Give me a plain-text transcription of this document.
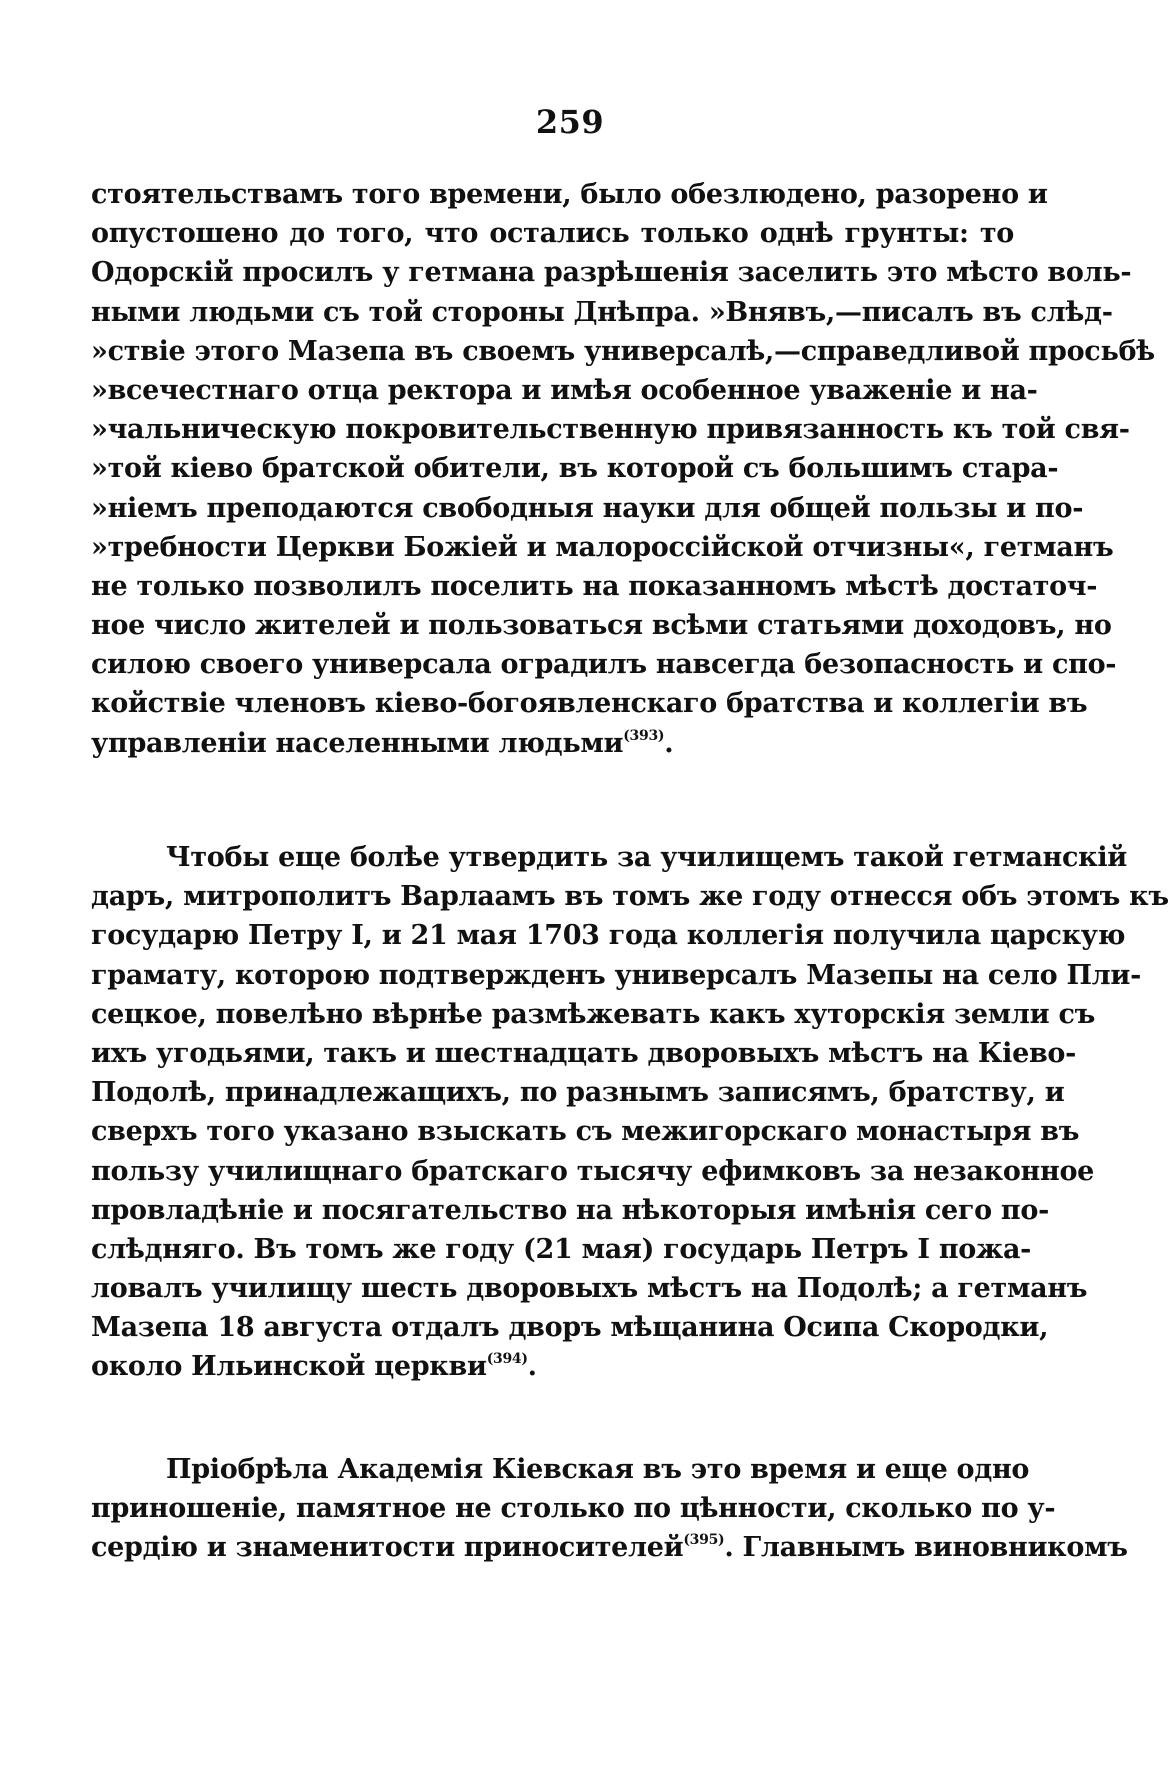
259
стоятельствамъ того времени, было обезлюдено, разорено и
опустошено до того, что остались только однѣ грунты: то
Одорскій просилъ у гетмана разрѣшенія заселить это мѣсто воль-
ными людьми съ той стороны Днѣпра. »Внявъ,—писалъ въ слѣд-
»ствіе этого Мазепа въ своемъ универсалѣ,—справедливой просьбѣ
»всечестнаго отца ректора и имѣя особенное уваженіе и на-
»чальническую покровительственную привязанность къ той свя-
»той кіево братской обители, въ которой съ большимъ стара-
»ніемъ преподаются свободныя науки для общей пользы и по-
»требности Церкви Божіей и малороссійской отчизны«, гетманъ
не только позволилъ поселить на показанномъ мѣстѣ достаточ-
ное число жителей и пользоваться всѣми статьями доходовъ, но
силою своего универсала оградилъ навсегда безопасность и спо-
койствіе членовъ кіево-богоявленскаго братства и коллегіи въ
управленіи населенными людьми$^{(393)}$.
Чтобы еще болѣе утвердить за училищемъ такой гетманскій
даръ, митрополитъ Варлаамъ въ томъ же году отнесся объ этомъ къ
государю Петру I, и 21 мая 1703 года коллегія получила царскую
грамату, которою подтвержденъ универсалъ Мазепы на село Пли-
сецкое, повелѣно вѣрнѣе размѣжевать какъ хуторскія земли съ
ихъ угодьями, такъ и шестнадцать дворовыхъ мѣстъ на Кіево-
Подолѣ, принадлежащихъ, по разнымъ записямъ, братству, и
сверхъ того указано взыскать съ межигорскаго монастыря въ
пользу училищнаго братскаго тысячу ефимковъ за незаконное
провладѣніе и посягательство на нѣкоторыя имѣнія сего по-
слѣдняго. Въ томъ же году (21 мая) государь Петръ I пожа-
ловалъ училищу шесть дворовыхъ мѣстъ на Подолѣ; а гетманъ
Мазепа 18 августа отдалъ дворъ мѣщанина Осипа Скородки,
около Ильинской церкви$^{(394)}$.
Пріобрѣла Академія Кіевская въ это время и еще одно
приношеніе, памятное не столько по цѣнности, сколько по у-
сердію и знаменитости приносителей$^{(395)}$. Главнымъ виновникомъ
